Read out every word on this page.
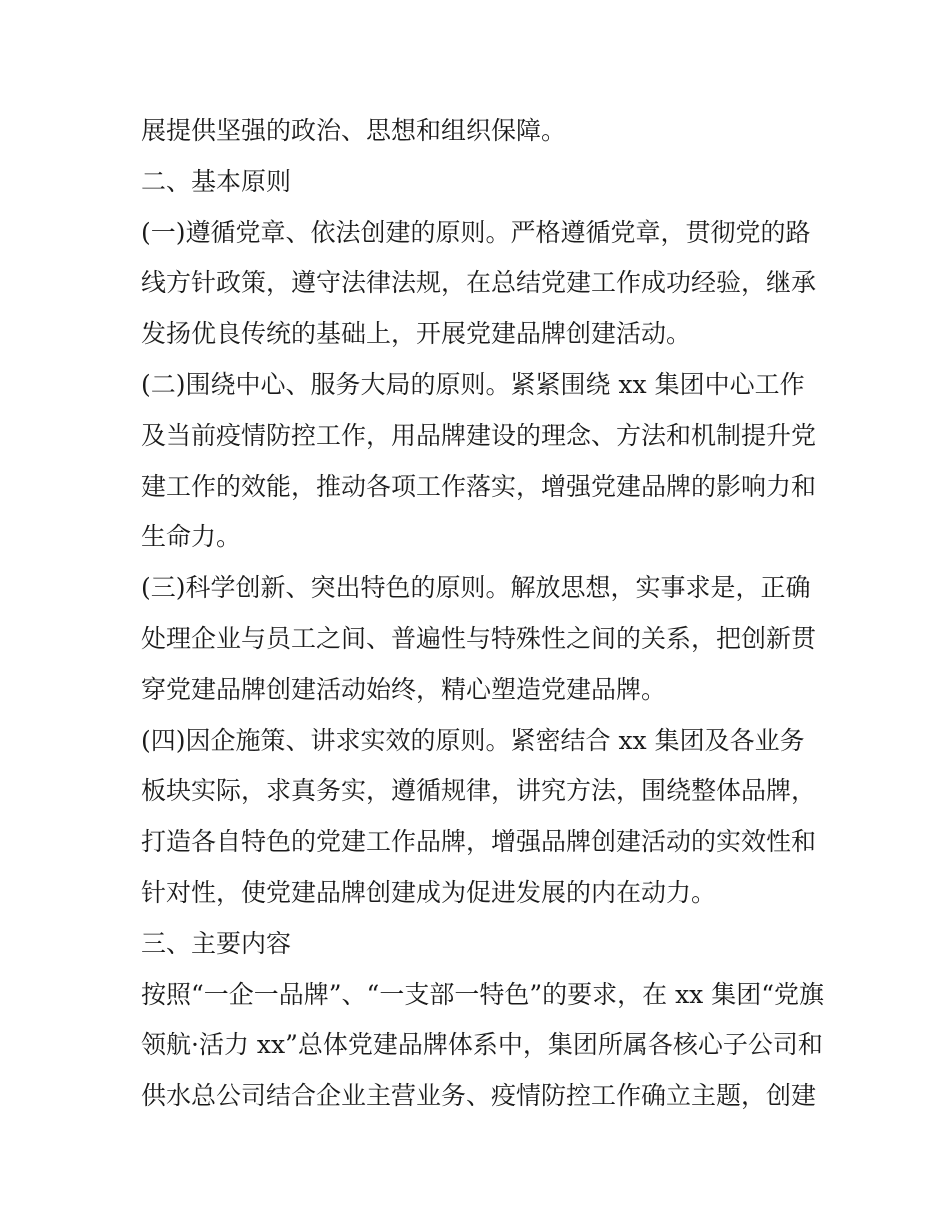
展提供坚强的政治、思想和组织保障。
二、基本原则
(一)遵循党章、依法创建的原则。严格遵循党章，贯彻党的路
线方针政策，遵守法律法规，在总结党建工作成功经验，继承
发扬优良传统的基础上，开展党建品牌创建活动。
(二)围绕中心、服务大局的原则。紧紧围绕 xx 集团中心工作
及当前疫情防控工作，用品牌建设的理念、方法和机制提升党
建工作的效能，推动各项工作落实，增强党建品牌的影响力和
生命力。
(三)科学创新、突出特色的原则。解放思想，实事求是，正确
处理企业与员工之间、普遍性与特殊性之间的关系，把创新贯
穿党建品牌创建活动始终，精心塑造党建品牌。
(四)因企施策、讲求实效的原则。紧密结合 xx 集团及各业务
板块实际，求真务实，遵循规律，讲究方法，围绕整体品牌，
打造各自特色的党建工作品牌，增强品牌创建活动的实效性和
针对性，使党建品牌创建成为促进发展的内在动力。
三、主要内容
按照“一企一品牌”、“一支部一特色”的要求，在 xx 集团“党旗
领航·活力 xx”总体党建品牌体系中，集团所属各核心子公司和
供水总公司结合企业主营业务、疫情防控工作确立主题，创建
